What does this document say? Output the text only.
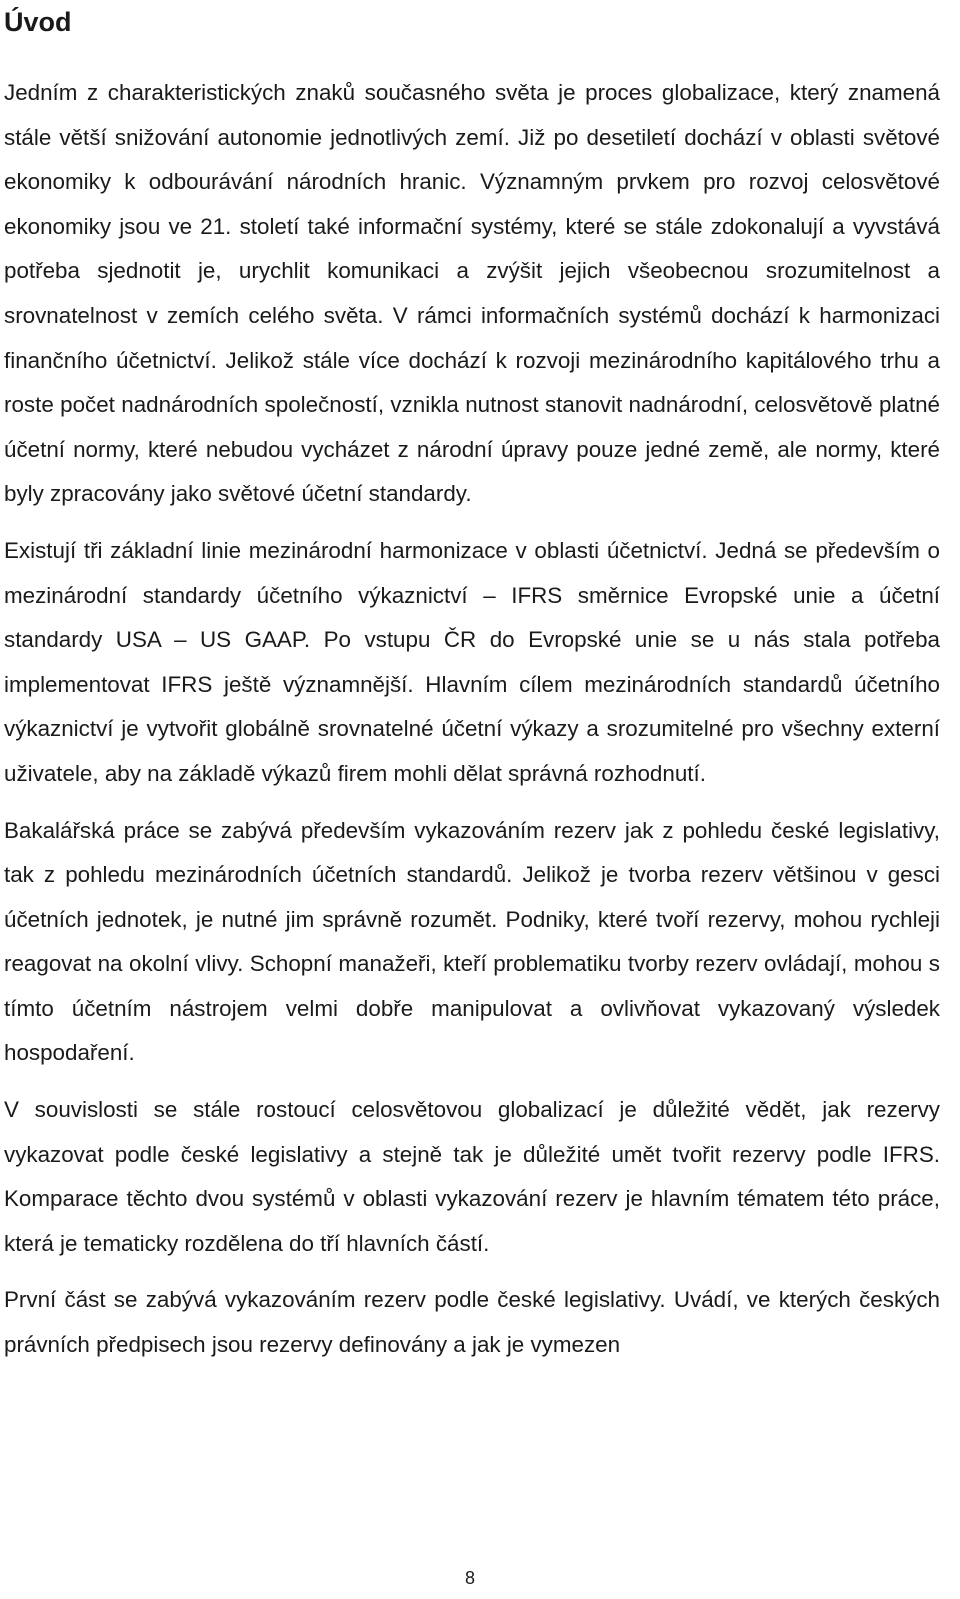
Úvod

Jedním z charakteristických znaků současného světa je proces globalizace, který znamená stále větší snižování autonomie jednotlivých zemí. Již po desetiletí dochází v oblasti světové ekonomiky k odbourávání národních hranic. Významným prvkem pro rozvoj celosvětové ekonomiky jsou ve 21. století také informační systémy, které se stále zdokonalují a vyvstává potřeba sjednotit je, urychlit komunikaci a zvýšit jejich všeobecnou srozumitelnost a srovnatelnost v zemích celého světa. V rámci informačních systémů dochází k harmonizaci finančního účetnictví. Jelikož stále více dochází k rozvoji mezinárodního kapitálového trhu a roste počet nadnárodních společností, vznikla nutnost stanovit nadnárodní, celosvětově platné účetní normy, které nebudou vycházet z národní úpravy pouze jedné země, ale normy, které byly zpracovány jako světové účetní standardy.

Existují tři základní linie mezinárodní harmonizace v oblasti účetnictví. Jedná se především o mezinárodní standardy účetního výkaznictví – IFRS směrnice Evropské unie a účetní standardy USA – US GAAP. Po vstupu ČR do Evropské unie se u nás stala potřeba implementovat IFRS ještě významnější. Hlavním cílem mezinárodních standardů účetního výkaznictví je vytvořit globálně srovnatelné účetní výkazy a srozumitelné pro všechny externí uživatele, aby na základě výkazů firem mohli dělat správná rozhodnutí.

Bakalářská práce se zabývá především vykazováním rezerv jak z pohledu české legislativy, tak z pohledu mezinárodních účetních standardů. Jelikož je tvorba rezerv většinou v gesci účetních jednotek, je nutné jim správně rozumět. Podniky, které tvoří rezervy, mohou rychleji reagovat na okolní vlivy. Schopní manažeři, kteří problematiku tvorby rezerv ovládají, mohou s tímto účetním nástrojem velmi dobře manipulovat a ovlivňovat vykazovaný výsledek hospodaření.

V souvislosti se stále rostoucí celosvětovou globalizací je důležité vědět, jak rezervy vykazovat podle české legislativy a stejně tak je důležité umět tvořit rezervy podle IFRS. Komparace těchto dvou systémů v oblasti vykazování rezerv je hlavním tématem této práce, která je tematicky rozdělena do tří hlavních částí.

První část se zabývá vykazováním rezerv podle české legislativy. Uvádí, ve kterých českých právních předpisech jsou rezervy definovány a jak je vymezen

8
